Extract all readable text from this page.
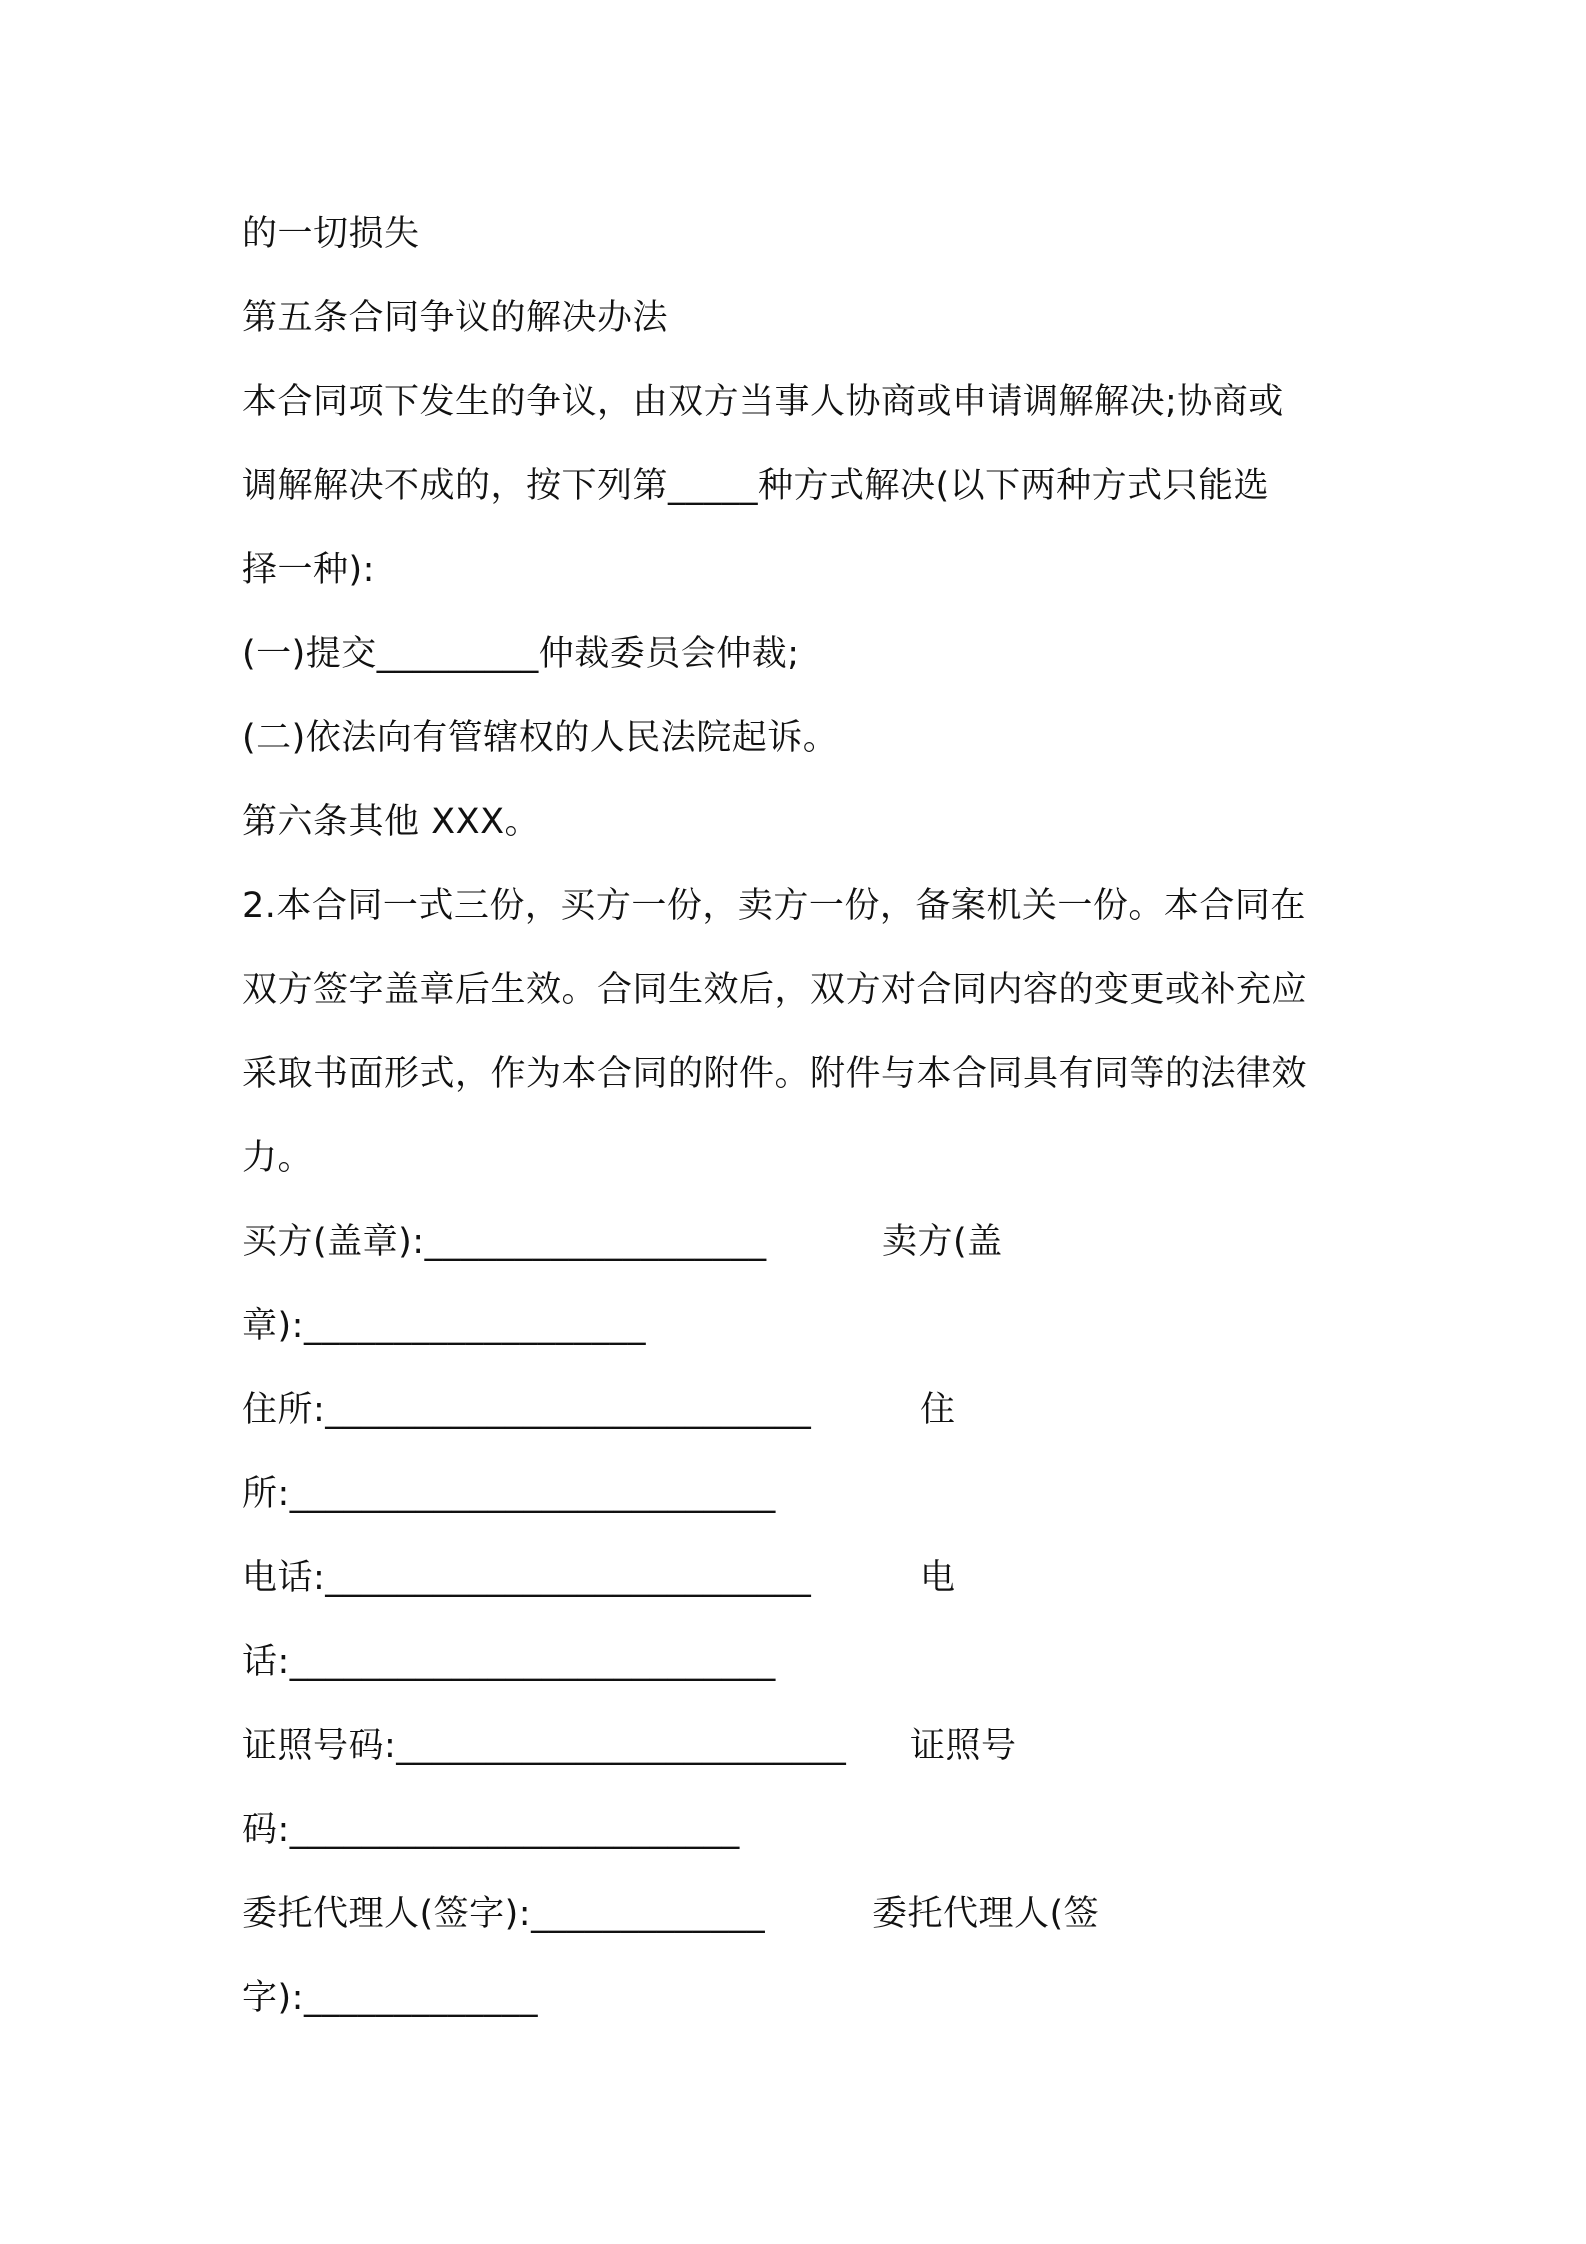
的一切损失
第五条合同争议的解决办法
本合同项下发生的争议，由双方当事人协商或申请调解解决;协商或
调解解决不成的，按下列第_____种方式解决(以下两种方式只能选
择一种):
(一)提交_________仲裁委员会仲裁;
(二)依法向有管辖权的人民法院起诉。
第六条其他 XXX。
2.本合同一式三份，买方一份，卖方一份，备案机关一份。本合同在
双方签字盖章后生效。合同生效后，双方对合同内容的变更或补充应
采取书面形式，作为本合同的附件。附件与本合同具有同等的法律效
力。
买方(盖章):___________________	卖方(盖
章):___________________
住所:___________________________	住
所:___________________________
电话:___________________________	电
话:___________________________
证照号码:_________________________	证照号
码:_________________________
委托代理人(签字):_____________	委托代理人(签
字):_____________
